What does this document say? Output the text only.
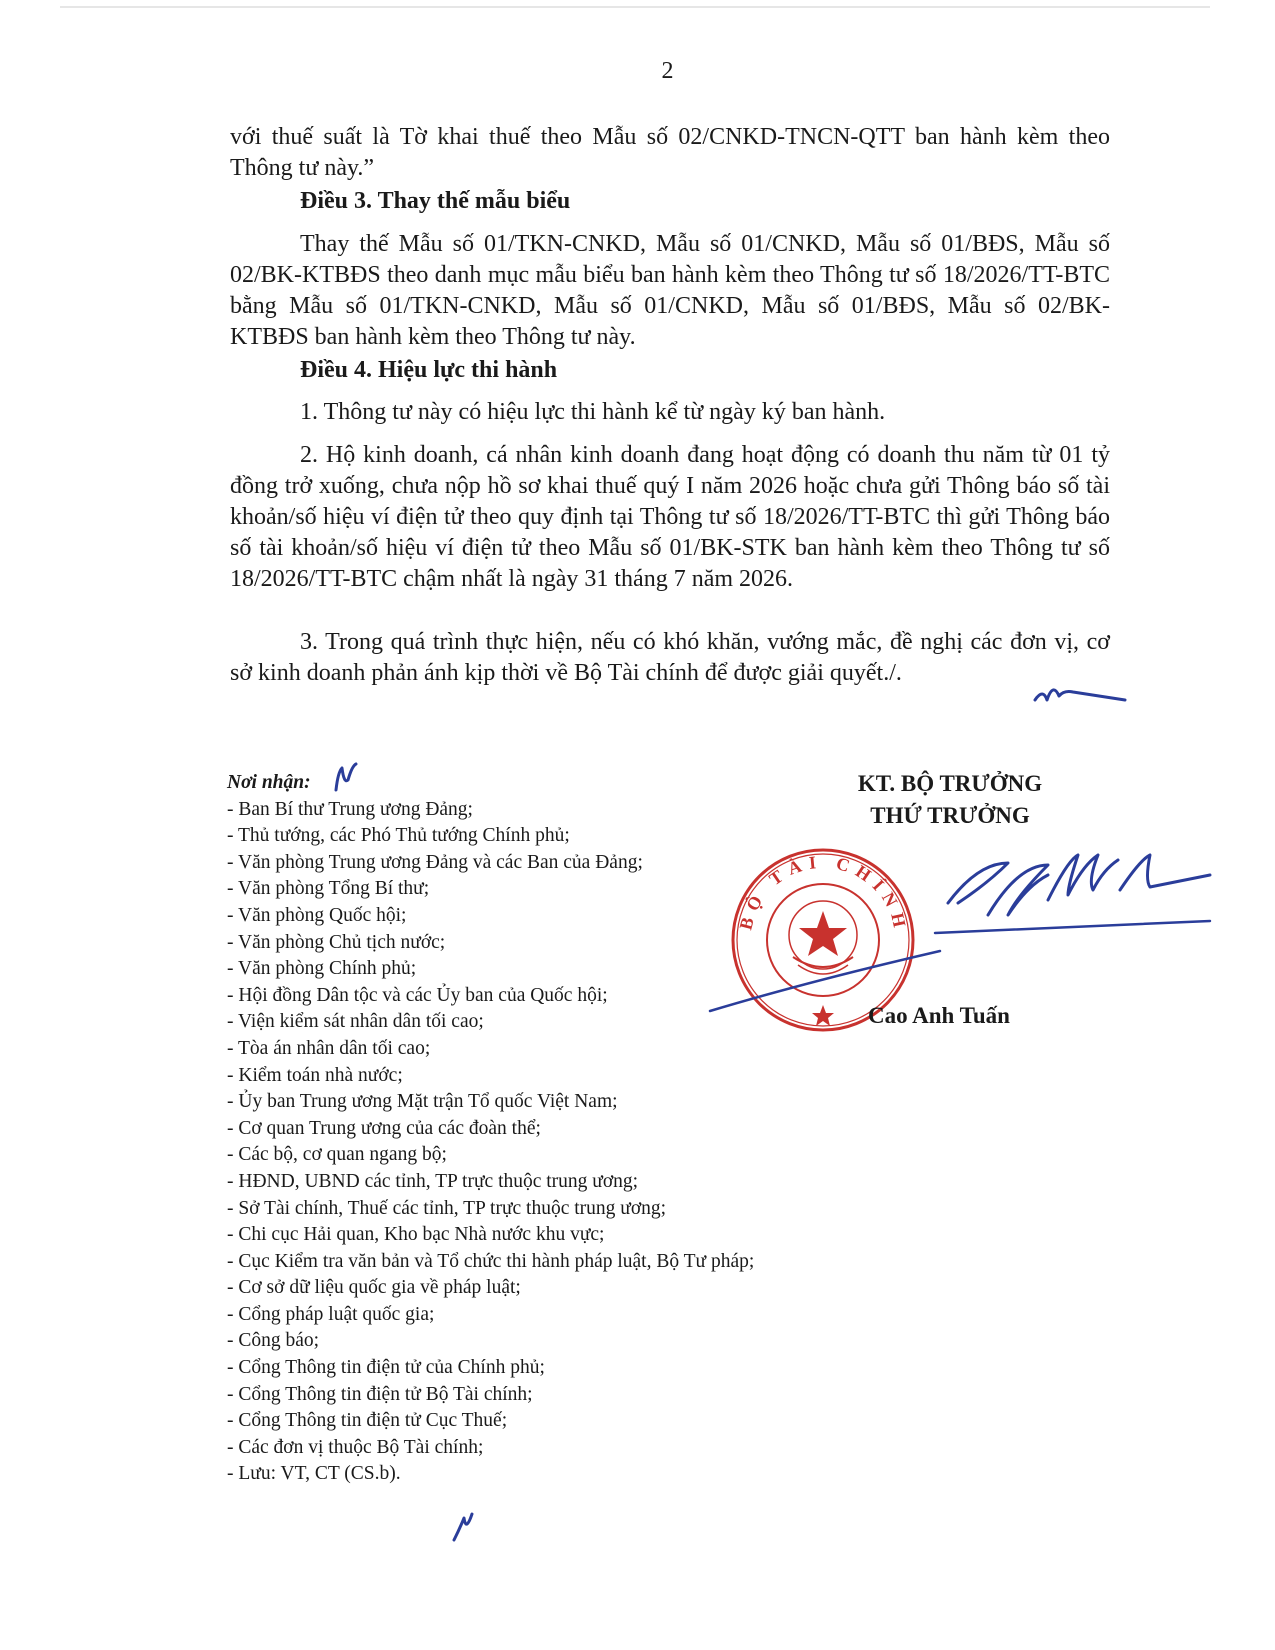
2
với thuế suất là Tờ khai thuế theo Mẫu số 02/CNKD-TNCN-QTT ban hành kèm theo Thông tư này.”
Điều 3. Thay thế mẫu biểu
Thay thế Mẫu số 01/TKN-CNKD, Mẫu số 01/CNKD, Mẫu số 01/BĐS, Mẫu số 02/BK-KTBĐS theo danh mục mẫu biểu ban hành kèm theo Thông tư số 18/2026/TT-BTC bằng Mẫu số 01/TKN-CNKD, Mẫu số 01/CNKD, Mẫu số 01/BĐS, Mẫu số 02/BK-KTBĐS ban hành kèm theo Thông tư này.
Điều 4. Hiệu lực thi hành
1. Thông tư này có hiệu lực thi hành kể từ ngày ký ban hành.
2. Hộ kinh doanh, cá nhân kinh doanh đang hoạt động có doanh thu năm từ 01 tỷ đồng trở xuống, chưa nộp hồ sơ khai thuế quý I năm 2026 hoặc chưa gửi Thông báo số tài khoản/số hiệu ví điện tử theo quy định tại Thông tư số 18/2026/TT-BTC thì gửi Thông báo số tài khoản/số hiệu ví điện tử theo Mẫu số 01/BK-STK ban hành kèm theo Thông tư số 18/2026/TT-BTC chậm nhất là ngày 31 tháng 7 năm 2026.
3. Trong quá trình thực hiện, nếu có khó khăn, vướng mắc, đề nghị các đơn vị, cơ sở kinh doanh phản ánh kịp thời về Bộ Tài chính để được giải quyết./.
Nơi nhận:
- Ban Bí thư Trung ương Đảng;
- Thủ tướng, các Phó Thủ tướng Chính phủ;
- Văn phòng Trung ương Đảng và các Ban của Đảng;
- Văn phòng Tổng Bí thư;
- Văn phòng Quốc hội;
- Văn phòng Chủ tịch nước;
- Văn phòng Chính phủ;
- Hội đồng Dân tộc và các Ủy ban của Quốc hội;
- Viện kiểm sát nhân dân tối cao;
- Tòa án nhân dân tối cao;
- Kiểm toán nhà nước;
- Ủy ban Trung ương Mặt trận Tổ quốc Việt Nam;
- Cơ quan Trung ương của các đoàn thể;
- Các bộ, cơ quan ngang bộ;
- HĐND, UBND các tỉnh, TP trực thuộc trung ương;
- Sở Tài chính, Thuế các tỉnh, TP trực thuộc trung ương;
- Chi cục Hải quan, Kho bạc Nhà nước khu vực;
- Cục Kiểm tra văn bản và Tổ chức thi hành pháp luật, Bộ Tư pháp;
- Cơ sở dữ liệu quốc gia về pháp luật;
- Cổng pháp luật quốc gia;
- Công báo;
- Cổng Thông tin điện tử của Chính phủ;
- Cổng Thông tin điện tử Bộ Tài chính;
- Cổng Thông tin điện tử Cục Thuế;
- Các đơn vị thuộc Bộ Tài chính;
- Lưu: VT, CT (CS.b).
KT. BỘ TRƯỞNG
THỨ TRƯỞNG
BỘ TÀI CHÍNH
Cao Anh Tuấn
